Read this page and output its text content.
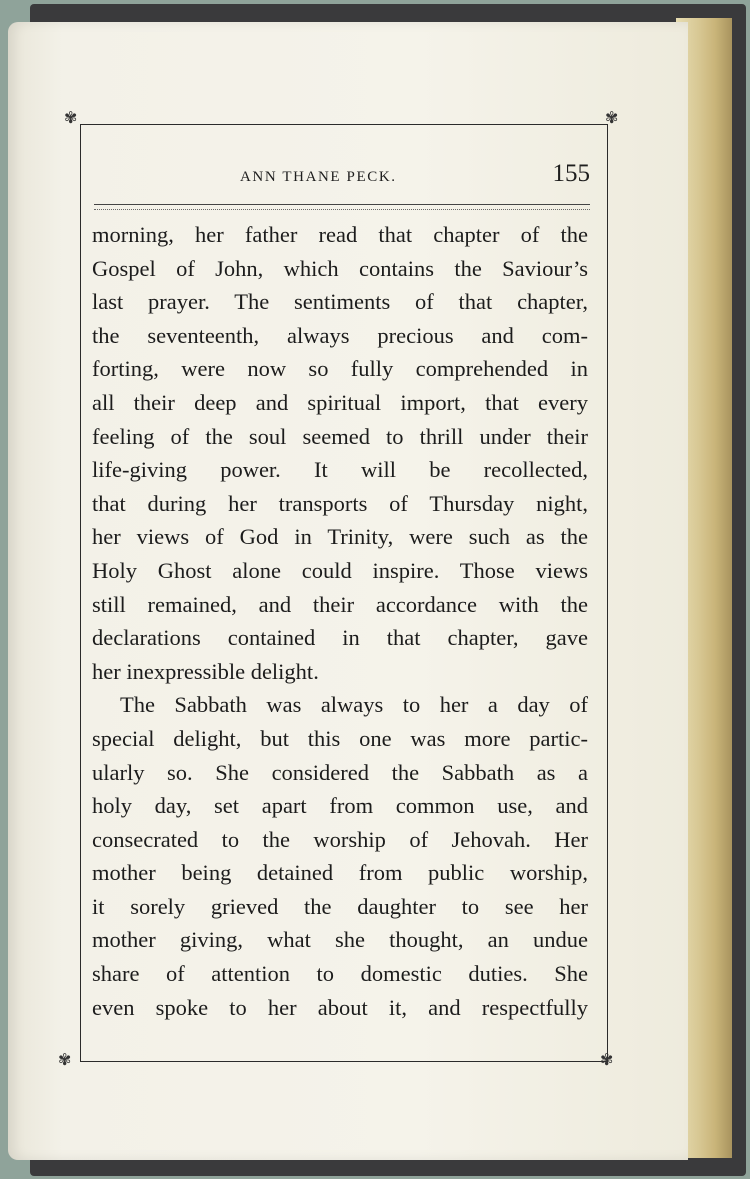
✾	✾
✾	✾
ANN THANE PECK.	155
morning, her father read that chapter of the
Gospel of John, which contains the Saviour’s
last prayer. The sentiments of that chapter,
the seventeenth, always precious and com-
forting, were now so fully comprehended in
all their deep and spiritual import, that every
feeling of the soul seemed to thrill under their
life-giving power. It will be recollected,
that during her transports of Thursday night,
her views of God in Trinity, were such as the
Holy Ghost alone could inspire. Those views
still remained, and their accordance with the
declarations contained in that chapter, gave
her inexpressible delight.
The Sabbath was always to her a day of
special delight, but this one was more partic-
ularly so. She considered the Sabbath as a
holy day, set apart from common use, and
consecrated to the worship of Jehovah. Her
mother being detained from public worship,
it sorely grieved the daughter to see her
mother giving, what she thought, an undue
share of attention to domestic duties. She
even spoke to her about it, and respectfully
